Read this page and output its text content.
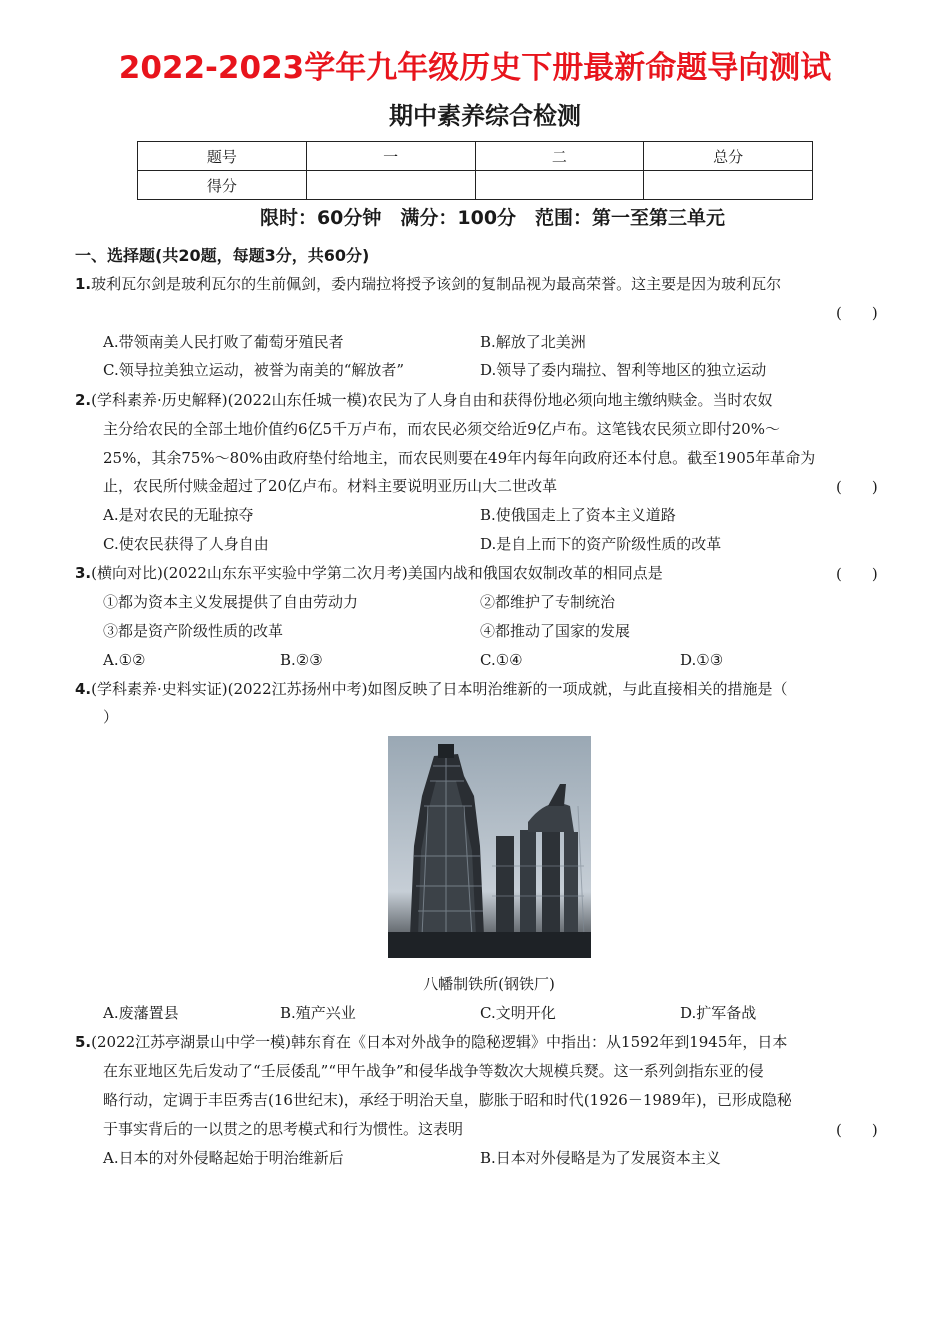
2022-2023学年九年级历史下册最新命题导向测试
期中素养综合检测
题号	一	二	总分
得分			
限时：60分钟　满分：100分　范围：第一至第三单元
一、选择题(共20题，每题3分，共60分)
1.玻利瓦尔剑是玻利瓦尔的生前佩剑，委内瑞拉将授予该剑的复制品视为最高荣誉。这主要是因为玻利瓦尔
(　　)
A.带领南美人民打败了葡萄牙殖民者	B.解放了北美洲
C.领导拉美独立运动，被誉为南美的“解放者”	D.领导了委内瑞拉、智利等地区的独立运动
2.(学科素养·历史解释)(2022山东任城一模)农民为了人身自由和获得份地必须向地主缴纳赎金。当时农奴
主分给农民的全部土地价值约6亿5千万卢布，而农民必须交给近9亿卢布。这笔钱农民须立即付20%～
25%，其余75%～80%由政府垫付给地主，而农民则要在49年内每年向政府还本付息。截至1905年革命为
止，农民所付赎金超过了20亿卢布。材料主要说明亚历山大二世改革	(　　)
A.是对农民的无耻掠夺	B.使俄国走上了资本主义道路
C.使农民获得了人身自由	D.是自上而下的资产阶级性质的改革
3.(横向对比)(2022山东东平实验中学第二次月考)美国内战和俄国农奴制改革的相同点是	(　　)
①都为资本主义发展提供了自由劳动力	②都维护了专制统治
③都是资产阶级性质的改革	④都推动了国家的发展
A.①②	B.②③	C.①④	D.①③
4.(学科素养·史料实证)(2022江苏扬州中考)如图反映了日本明治维新的一项成就，与此直接相关的措施是（
）
八幡制铁所(钢铁厂)
A.废藩置县	B.殖产兴业	C.文明开化	D.扩军备战
5.(2022江苏亭湖景山中学一模)韩东育在《日本对外战争的隐秘逻辑》中指出：从1592年到1945年，日本
在东亚地区先后发动了“壬辰倭乱”“甲午战争”和侵华战争等数次大规模兵燹。这一系列剑指东亚的侵
略行动，定调于丰臣秀吉(16世纪末)，承经于明治天皇，膨胀于昭和时代(1926－1989年)，已形成隐秘
于事实背后的一以贯之的思考模式和行为惯性。这表明	(　　)
A.日本的对外侵略起始于明治维新后	B.日本对外侵略是为了发展资本主义
